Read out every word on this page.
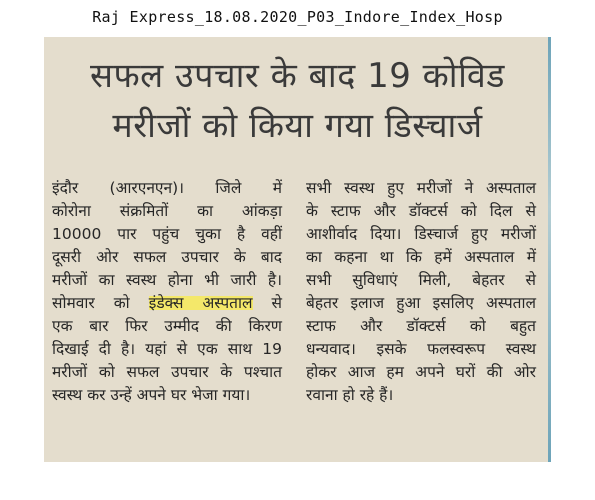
Raj Express_18.08.2020_P03_Indore_Index_Hosp
सफल उपचार के बाद 19 कोविड
मरीजों को किया गया डिस्चार्ज
इंदौर (आरएनएन)। जिले में
कोरोना संक्रमितों का आंकड़ा
10000 पार पहुंच चुका है वहीं
दूसरी ओर सफल उपचार के बाद
मरीजों का स्वस्थ होना भी जारी है।
सोमवार को इंडेक्स अस्पताल से
एक बार फिर उम्मीद की किरण
दिखाई दी है। यहां से एक साथ 19
मरीजों को सफल उपचार के पश्चात
स्वस्थ कर उन्हें अपने घर भेजा गया।
सभी स्वस्थ हुए मरीजों ने अस्पताल
के स्टाफ और डॉक्टर्स को दिल से
आशीर्वाद दिया। डिस्चार्ज हुए मरीजों
का कहना था कि हमें अस्पताल में
सभी सुविधाएं मिली, बेहतर से
बेहतर इलाज हुआ इसलिए अस्पताल
स्टाफ और डॉक्टर्स को बहुत
धन्यवाद। इसके फलस्वरूप स्वस्थ
होकर आज हम अपने घरों की ओर
रवाना हो रहे हैं।
